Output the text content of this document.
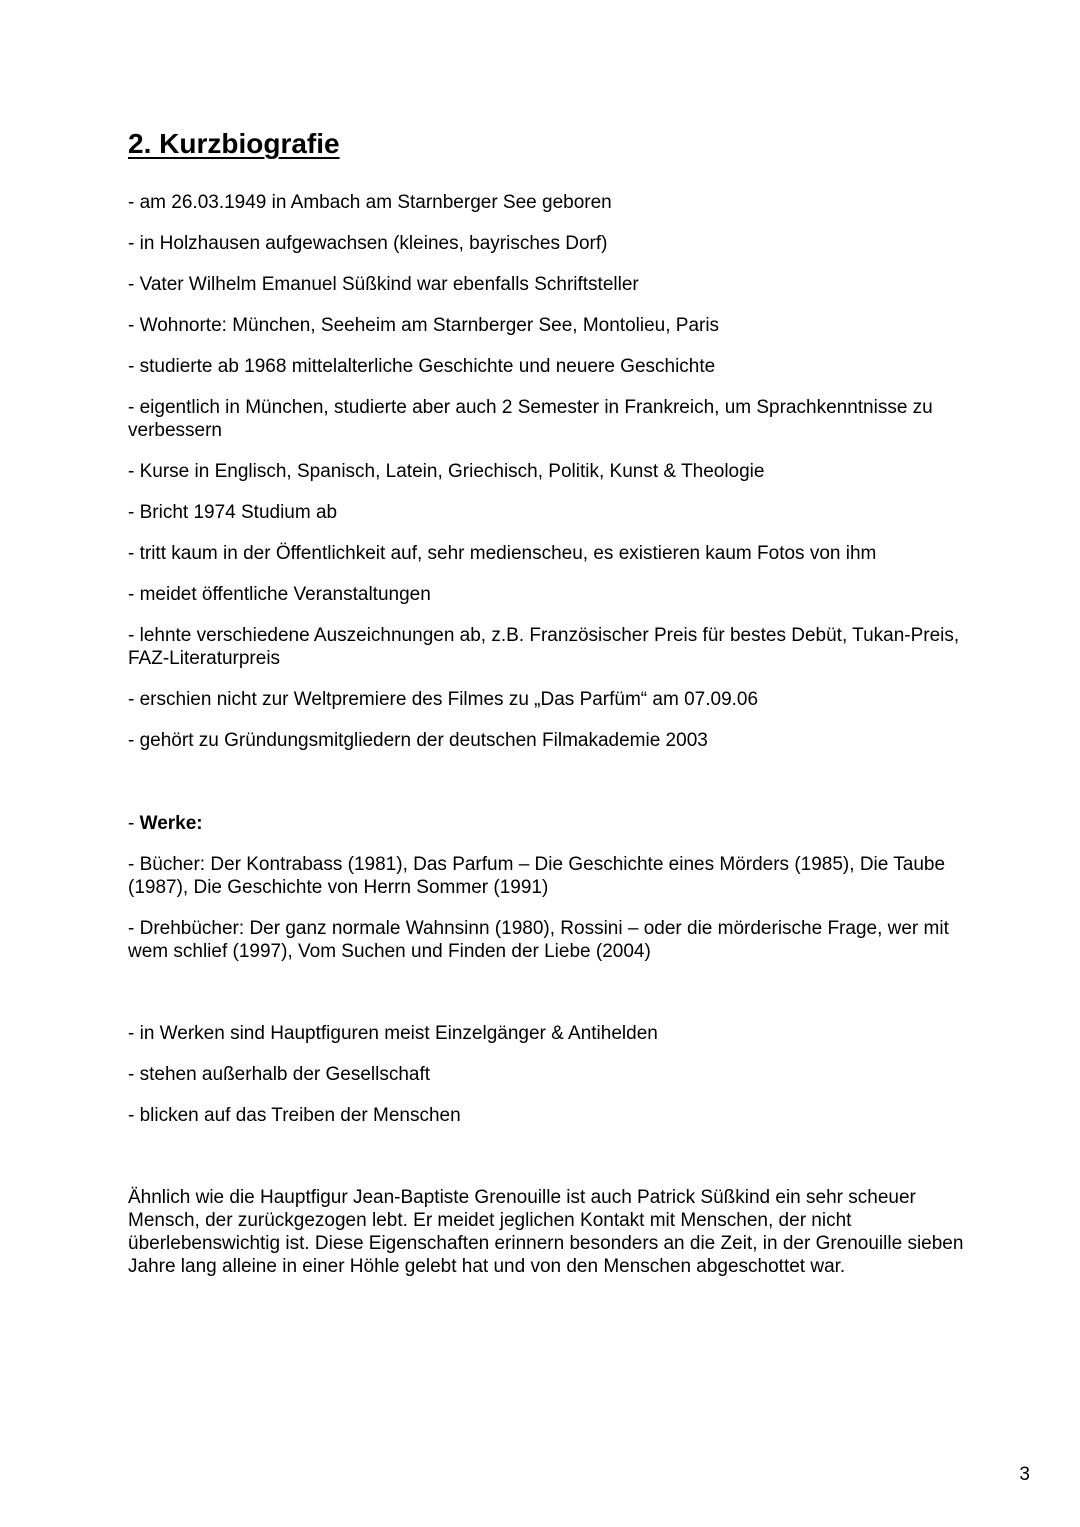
2. Kurzbiografie

- am 26.03.1949 in Ambach am Starnberger See geboren

- in Holzhausen aufgewachsen (kleines, bayrisches Dorf)

- Vater Wilhelm Emanuel Süßkind war ebenfalls Schriftsteller

- Wohnorte: München, Seeheim am Starnberger See, Montolieu, Paris

- studierte ab 1968 mittelalterliche Geschichte und neuere Geschichte

- eigentlich in München, studierte aber auch 2 Semester in Frankreich, um Sprachkenntnisse zu verbessern

- Kurse in Englisch, Spanisch, Latein, Griechisch, Politik, Kunst & Theologie

- Bricht 1974 Studium ab

- tritt kaum in der Öffentlichkeit auf, sehr medienscheu, es existieren kaum Fotos von ihm

- meidet öffentliche Veranstaltungen

- lehnte verschiedene Auszeichnungen ab, z.B. Französischer Preis für bestes Debüt, Tukan-Preis, FAZ-Literaturpreis

- erschien nicht zur Weltpremiere des Filmes zu „Das Parfüm“ am 07.09.06

- gehört zu Gründungsmitgliedern der deutschen Filmakademie 2003

- Werke:

- Bücher: Der Kontrabass (1981), Das Parfum – Die Geschichte eines Mörders (1985), Die Taube (1987), Die Geschichte von Herrn Sommer (1991)

- Drehbücher: Der ganz normale Wahnsinn (1980), Rossini – oder die mörderische Frage, wer mit wem schlief (1997), Vom Suchen und Finden der Liebe (2004)

- in Werken sind Hauptfiguren meist Einzelgänger & Antihelden

- stehen außerhalb der Gesellschaft

- blicken auf das Treiben der Menschen

Ähnlich wie die Hauptfigur Jean-Baptiste Grenouille ist auch Patrick Süßkind ein sehr scheuer Mensch, der zurückgezogen lebt. Er meidet jeglichen Kontakt mit Menschen, der nicht überlebenswichtig ist. Diese Eigenschaften erinnern besonders an die Zeit, in der Grenouille sieben Jahre lang alleine in einer Höhle gelebt hat und von den Menschen abgeschottet war.

3
